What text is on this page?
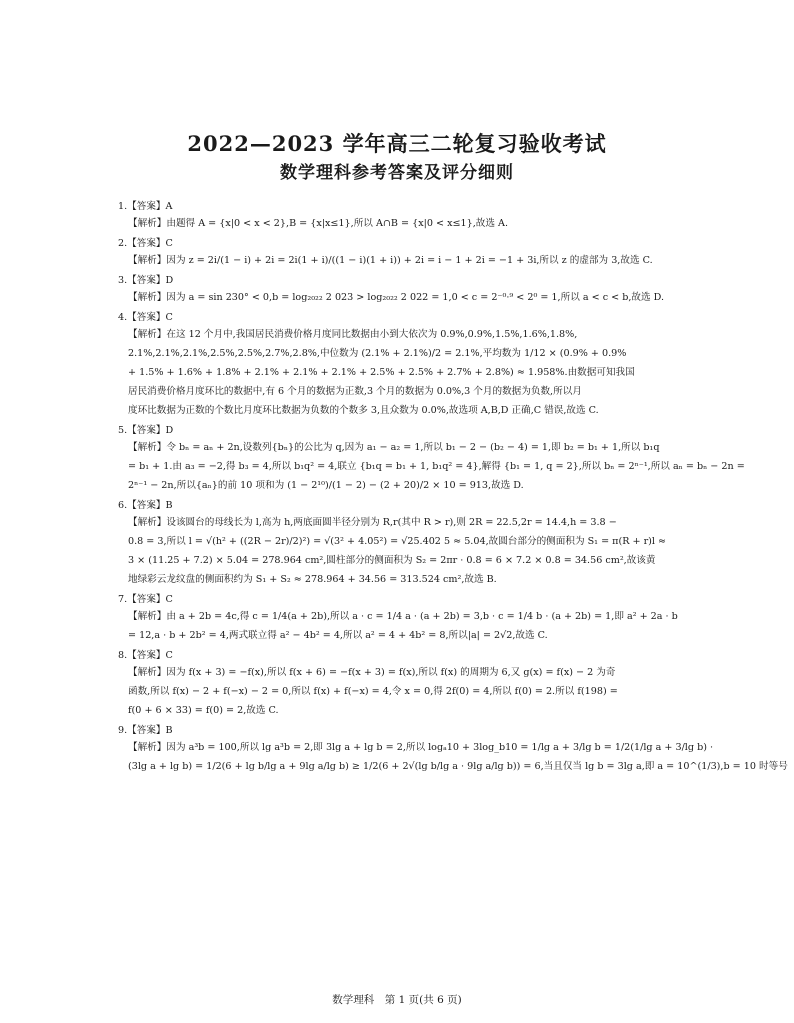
2022—2023 学年高三二轮复习验收考试
数学理科参考答案及评分细则
1.【答案】A
【解析】由题得 A = {x|0 < x < 2},B = {x|x≤1},所以 A∩B = {x|0 < x≤1},故选 A.
2.【答案】C
【解析】因为 z = 2i/(1 − i) + 2i = 2i(1 + i)/((1 − i)(1 + i)) + 2i = i − 1 + 2i = −1 + 3i,所以 z 的虚部为 3,故选 C.
3.【答案】D
【解析】因为 a = sin 230° < 0,b = log₂₀₂₂ 2 023 > log₂₀₂₂ 2 022 = 1,0 < c = 2⁻⁰·⁹ < 2⁰ = 1,所以 a < c < b,故选 D.
4.【答案】C
【解析】在这 12 个月中,我国居民消费价格月度同比数据由小到大依次为 0.9%,0.9%,1.5%,1.6%,1.8%,
2.1%,2.1%,2.1%,2.5%,2.5%,2.7%,2.8%,中位数为 (2.1% + 2.1%)/2 = 2.1%,平均数为 1/12 × (0.9% + 0.9%
+ 1.5% + 1.6% + 1.8% + 2.1% + 2.1% + 2.1% + 2.5% + 2.5% + 2.7% + 2.8%) ≈ 1.958%.由数据可知我国
居民消费价格月度环比的数据中,有 6 个月的数据为正数,3 个月的数据为 0.0%,3 个月的数据为负数,所以月
度环比数据为正数的个数比月度环比数据为负数的个数多 3,且众数为 0.0%,故选项 A,B,D 正确,C 错误,故选 C.
5.【答案】D
【解析】令 bₙ = aₙ + 2n,设数列{bₙ}的公比为 q,因为 a₁ − a₂ = 1,所以 b₁ − 2 − (b₂ − 4) = 1,即 b₂ = b₁ + 1,所以 b₁q
= b₁ + 1.由 a₃ = −2,得 b₃ = 4,所以 b₁q² = 4,联立 {b₁q = b₁ + 1, b₁q² = 4},解得 {b₁ = 1, q = 2},所以 bₙ = 2ⁿ⁻¹,所以 aₙ = bₙ − 2n =
2ⁿ⁻¹ − 2n,所以{aₙ}的前 10 项和为 (1 − 2¹⁰)/(1 − 2) − (2 + 20)/2 × 10 = 913,故选 D.
6.【答案】B
【解析】设该圆台的母线长为 l,高为 h,两底面圆半径分别为 R,r(其中 R > r),则 2R = 22.5,2r = 14.4,h = 3.8 −
0.8 = 3,所以 l = √(h² + ((2R − 2r)/2)²) = √(3² + 4.05²) = √25.402 5 ≈ 5.04,故圆台部分的侧面积为 S₁ = π(R + r)l ≈
3 × (11.25 + 7.2) × 5.04 = 278.964 cm²,圆柱部分的侧面积为 S₂ = 2πr · 0.8 = 6 × 7.2 × 0.8 = 34.56 cm²,故该黄
地绿彩云龙纹盘的侧面积约为 S₁ + S₂ ≈ 278.964 + 34.56 = 313.524 cm²,故选 B.
7.【答案】C
【解析】由 a + 2b = 4c,得 c = 1/4(a + 2b),所以 a · c = 1/4 a · (a + 2b) = 3,b · c = 1/4 b · (a + 2b) = 1,即 a² + 2a · b
= 12,a · b + 2b² = 4,两式联立得 a² − 4b² = 4,所以 a² = 4 + 4b² = 8,所以|a| = 2√2,故选 C.
8.【答案】C
【解析】因为 f(x + 3) = −f(x),所以 f(x + 6) = −f(x + 3) = f(x),所以 f(x) 的周期为 6,又 g(x) = f(x) − 2 为奇
函数,所以 f(x) − 2 + f(−x) − 2 = 0,所以 f(x) + f(−x) = 4,令 x = 0,得 2f(0) = 4,所以 f(0) = 2.所以 f(198) =
f(0 + 6 × 33) = f(0) = 2,故选 C.
9.【答案】B
【解析】因为 a³b = 100,所以 lg a³b = 2,即 3lg a + lg b = 2,所以 logₐ10 + 3log_b10 = 1/lg a + 3/lg b = 1/2(1/lg a + 3/lg b) ·
(3lg a + lg b) = 1/2(6 + lg b/lg a + 9lg a/lg b) ≥ 1/2(6 + 2√(lg b/lg a · 9lg a/lg b)) = 6,当且仅当 lg b = 3lg a,即 a = 10^(1/3),b = 10 时等号
数学理科　第 1 页(共 6 页)
